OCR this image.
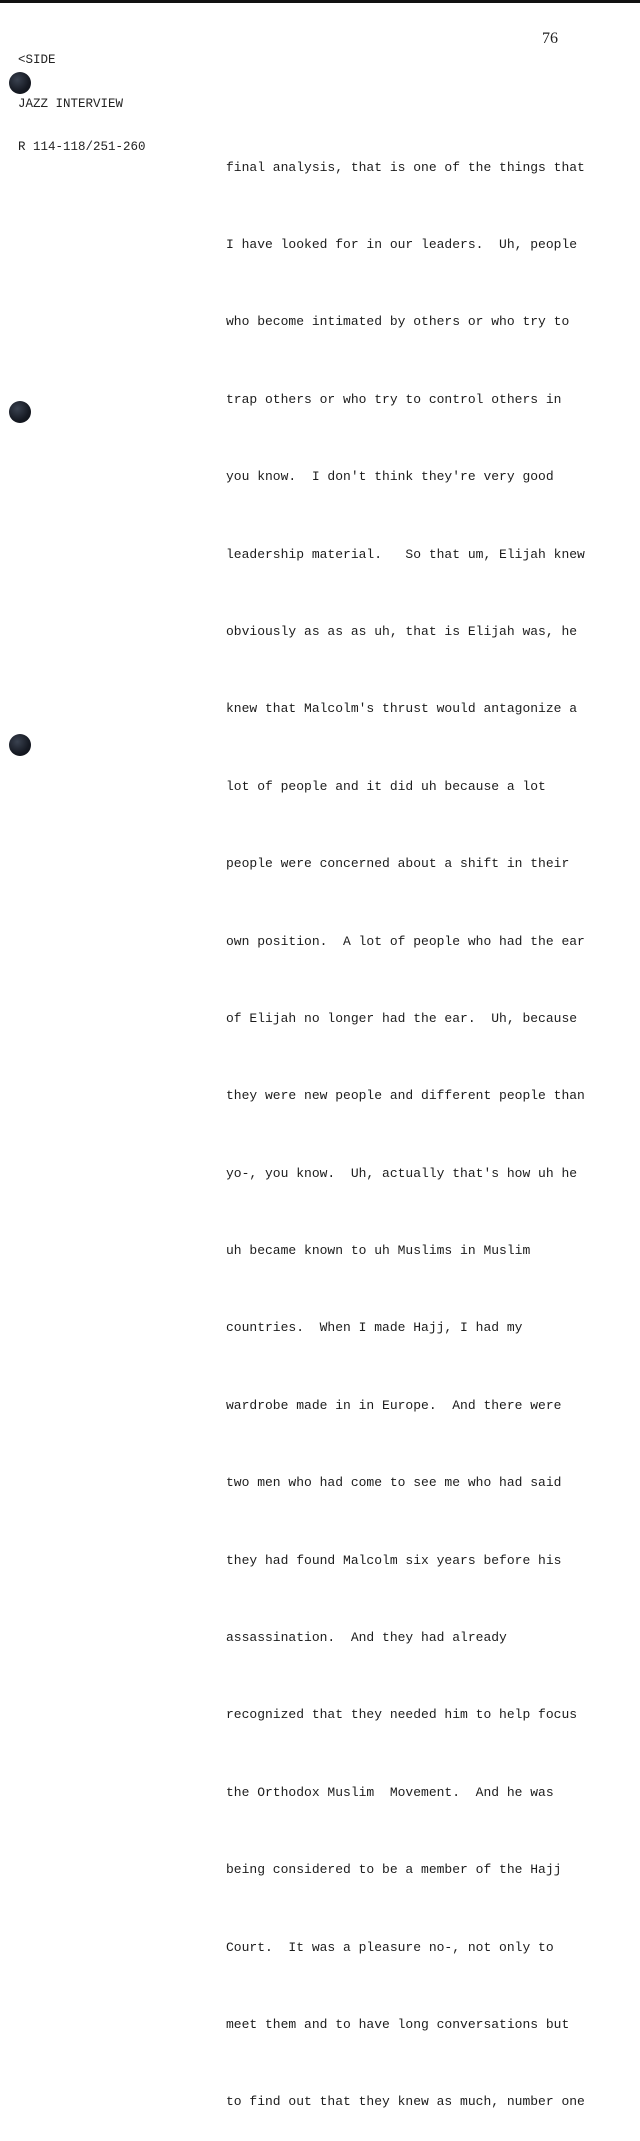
<SIDE

JAZZ INTERVIEW

R 114-118/251-260

76

final analysis, that is one of the things that

I have looked for in our leaders.  Uh, people

who become intimated by others or who try to

trap others or who try to control others in

you know.  I don't think they're very good

leadership material.   So that um, Elijah knew

obviously as as as uh, that is Elijah was, he

knew that Malcolm's thrust would antagonize a

lot of people and it did uh because a lot

people were concerned about a shift in their

own position.  A lot of people who had the ear

of Elijah no longer had the ear.  Uh, because

they were new people and different people than

yo-, you know.  Uh, actually that's how uh he

uh became known to uh Muslims in Muslim

countries.  When I made Hajj, I had my

wardrobe made in in Europe.  And there were

two men who had come to see me who had said

they had found Malcolm six years before his

assassination.  And they had already

recognized that they needed him to help focus

the Orthodox Muslim  Movement.  And he was

being considered to be a member of the Hajj

Court.  It was a pleasure no-, not only to

meet them and to have long conversations but

to find out that they knew as much, number one
